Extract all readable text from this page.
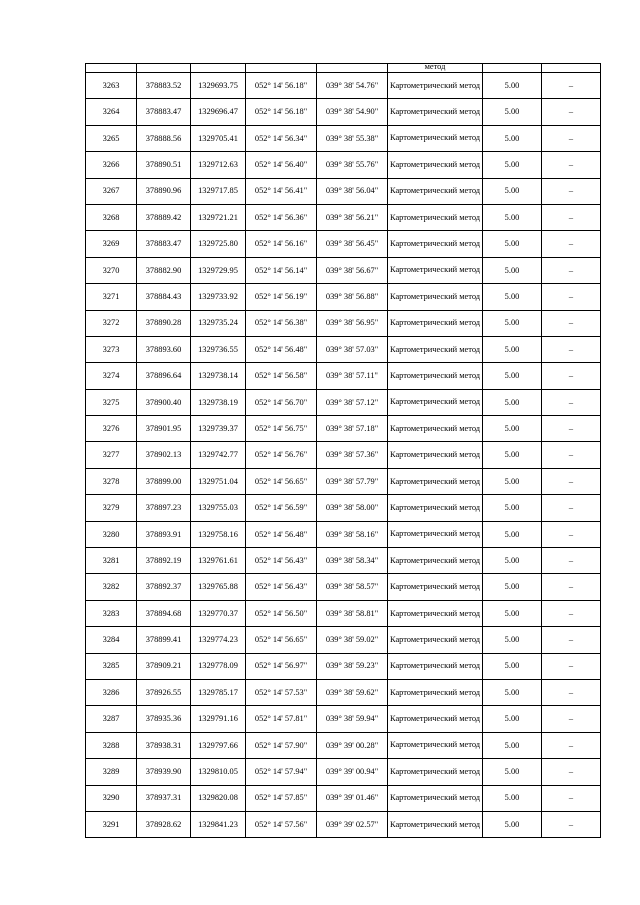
					метод		

3263	378883.52	1329693.75	052° 14' 56.18"	039° 38' 54.76"	Картометрический метод	5.00	–
3264	378883.47	1329696.47	052° 14' 56.18"	039° 38' 54.90"	Картометрический метод	5.00	–
3265	378888.56	1329705.41	052° 14' 56.34"	039° 38' 55.38"	Картометрический метод	5.00	–
3266	378890.51	1329712.63	052° 14' 56.40"	039° 38' 55.76"	Картометрический метод	5.00	–
3267	378890.96	1329717.85	052° 14' 56.41"	039° 38' 56.04"	Картометрический метод	5.00	–
3268	378889.42	1329721.21	052° 14' 56.36"	039° 38' 56.21"	Картометрический метод	5.00	–
3269	378883.47	1329725.80	052° 14' 56.16"	039° 38' 56.45"	Картометрический метод	5.00	–
3270	378882.90	1329729.95	052° 14' 56.14"	039° 38' 56.67"	Картометрический метод	5.00	–
3271	378884.43	1329733.92	052° 14' 56.19"	039° 38' 56.88"	Картометрический метод	5.00	–
3272	378890.28	1329735.24	052° 14' 56.38"	039° 38' 56.95"	Картометрический метод	5.00	–
3273	378893.60	1329736.55	052° 14' 56.48"	039° 38' 57.03"	Картометрический метод	5.00	–
3274	378896.64	1329738.14	052° 14' 56.58"	039° 38' 57.11"	Картометрический метод	5.00	–
3275	378900.40	1329738.19	052° 14' 56.70"	039° 38' 57.12"	Картометрический метод	5.00	–
3276	378901.95	1329739.37	052° 14' 56.75"	039° 38' 57.18"	Картометрический метод	5.00	–
3277	378902.13	1329742.77	052° 14' 56.76"	039° 38' 57.36"	Картометрический метод	5.00	–
3278	378899.00	1329751.04	052° 14' 56.65"	039° 38' 57.79"	Картометрический метод	5.00	–
3279	378897.23	1329755.03	052° 14' 56.59"	039° 38' 58.00"	Картометрический метод	5.00	–
3280	378893.91	1329758.16	052° 14' 56.48"	039° 38' 58.16"	Картометрический метод	5.00	–
3281	378892.19	1329761.61	052° 14' 56.43"	039° 38' 58.34"	Картометрический метод	5.00	–
3282	378892.37	1329765.88	052° 14' 56.43"	039° 38' 58.57"	Картометрический метод	5.00	–
3283	378894.68	1329770.37	052° 14' 56.50"	039° 38' 58.81"	Картометрический метод	5.00	–
3284	378899.41	1329774.23	052° 14' 56.65"	039° 38' 59.02"	Картометрический метод	5.00	–
3285	378909.21	1329778.09	052° 14' 56.97"	039° 38' 59.23"	Картометрический метод	5.00	–
3286	378926.55	1329785.17	052° 14' 57.53"	039° 38' 59.62"	Картометрический метод	5.00	–
3287	378935.36	1329791.16	052° 14' 57.81"	039° 38' 59.94"	Картометрический метод	5.00	–
3288	378938.31	1329797.66	052° 14' 57.90"	039° 39' 00.28"	Картометрический метод	5.00	–
3289	378939.90	1329810.05	052° 14' 57.94"	039° 39' 00.94"	Картометрический метод	5.00	–
3290	378937.31	1329820.08	052° 14' 57.85"	039° 39' 01.46"	Картометрический метод	5.00	–
3291	378928.62	1329841.23	052° 14' 57.56"	039° 39' 02.57"	Картометрический метод	5.00	–
